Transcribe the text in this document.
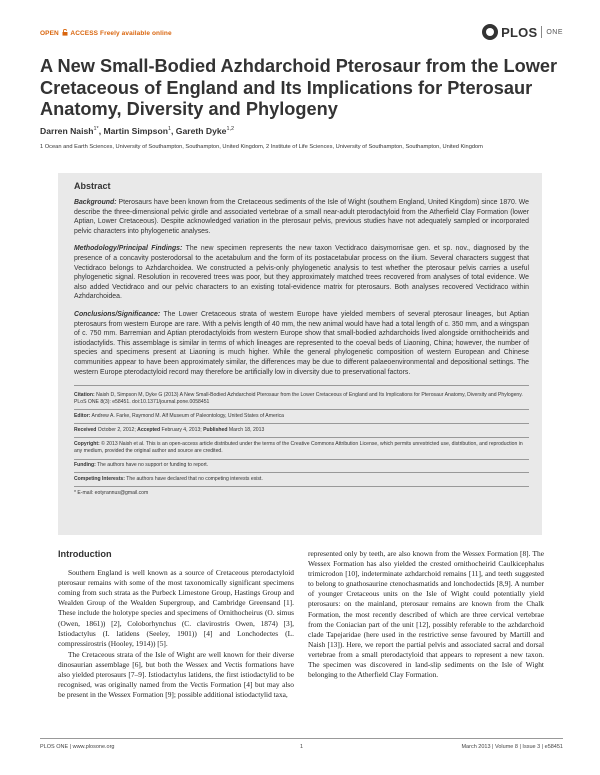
OPEN ACCESS Freely available online	PLOS ONE
A New Small-Bodied Azhdarchoid Pterosaur from the Lower Cretaceous of England and Its Implications for Pterosaur Anatomy, Diversity and Phylogeny
Darren Naish$^{1*}$, Martin Simpson$^1$, Gareth Dyke$^{1,2}$
1 Ocean and Earth Sciences, University of Southampton, Southampton, United Kingdom, 2 Institute of Life Sciences, University of Southampton, Southampton, United Kingdom
Abstract

Background: Pterosaurs have been known from the Cretaceous sediments of the Isle of Wight (southern England, United Kingdom) since 1870. We describe the three-dimensional pelvic girdle and associated vertebrae of a small near-adult pterodactyloid from the Atherfield Clay Formation (lower Aptian, Lower Cretaceous). Despite acknowledged variation in the pterosaur pelvis, previous studies have not adequately sampled or incorporated pelvic characters into phylogenetic analyses.

Methodology/Principal Findings: The new specimen represents the new taxon Vectidraco daisymorrisae gen. et sp. nov., diagnosed by the presence of a concavity posterodorsal to the acetabulum and the form of its postacetabular process on the ilium. Several characters suggest that Vectidraco belongs to Azhdarchoidea. We constructed a pelvis-only phylogenetic analysis to test whether the pterosaur pelvis carries a useful phylogenetic signal. Resolution in recovered trees was poor, but they approximately matched trees recovered from analyses of total evidence. We also added Vectidraco and our pelvic characters to an existing total-evidence matrix for pterosaurs. Both analyses recovered Vectidraco within Azhdarchoidea.

Conclusions/Significance: The Lower Cretaceous strata of western Europe have yielded members of several pterosaur lineages, but Aptian pterosaurs from western Europe are rare. With a pelvis length of 40 mm, the new animal would have had a total length of c. 350 mm, and a wingspan of c. 750 mm. Barremian and Aptian pterodactyloids from western Europe show that small-bodied azhdarchoids lived alongside ornithocheirids and istiodactylids. This assemblage is similar in terms of which lineages are represented to the coeval beds of Liaoning, China; however, the number of species and specimens present at Liaoning is much higher. While the general phylogenetic composition of western European and Chinese communities appear to have been approximately similar, the differences may be due to different palaeoenvironmental and depositional settings. The western Europe pterodactyloid record may therefore be artificially low in diversity due to preservational factors.

Citation: Naish D, Simpson M, Dyke G (2013) A New Small-Bodied Azhdarchoid Pterosaur from the Lower Cretaceous of England and Its Implications for Pterosaur Anatomy, Diversity and Phylogeny. PLoS ONE 8(3): e58451. doi:10.1371/journal.pone.0058451

Editor: Andrew A. Farke, Raymond M. Alf Museum of Paleontology, United States of America

Received October 2, 2012; Accepted February 4, 2013; Published March 18, 2013

Copyright: © 2013 Naish et al. This is an open-access article distributed under the terms of the Creative Commons Attribution License, which permits unrestricted use, distribution, and reproduction in any medium, provided the original author and source are credited.

Funding: The authors have no support or funding to report.

Competing Interests: The authors have declared that no competing interests exist.

* E-mail: eotyrannus@gmail.com

Introduction

Southern England is well known as a source of Cretaceous pterodactyloid pterosaur remains with some of the most taxonomically significant specimens coming from such strata as the Purbeck Limestone Group, Hastings Group and Wealden Group of the Wealden Supergroup, and Cambridge Greensand [1]. These include the holotype species and specimens of Ornithocheirus (O. simus (Owen, 1861)) [2], Coloborhynchus (C. clavirostris Owen, 1874) [3], Istiodactylus (I. latidens (Seeley, 1901)) [4] and Lonchodectes (L. compressirostris (Hooley, 1914)) [5].

The Cretaceous strata of the Isle of Wight are well known for their diverse dinosaurian assemblage [6], but both the Wessex and Vectis formations have also yielded pterosaurs [7–9]. Istiodactylus latidens, the first istiodactylid to be recognised, was originally named from the Vectis Formation [4] but may also be present in the Wessex Formation [9]; possible additional istiodactylid taxa,

represented only by teeth, are also known from the Wessex Formation [8]. The Wessex Formation has also yielded the crested ornithocheirid Caulkicephalus trimicrodon [10], indeterminate azhdarchoid remains [11], and teeth suggested to belong to gnathosaurine ctenochasmatids and lonchodectids [8,9]. A number of younger Cretaceous units on the Isle of Wight could potentially yield pterosaurs: on the mainland, pterosaur remains are known from the Chalk Formation, the most recently described of which are three cervical vertebrae from the Coniacian part of the unit [12], possibly referable to the azhdarchoid clade Tapejaridae (here used in the restrictive sense favoured by Martill and Naish [13]). Here, we report the partial pelvis and associated sacral and dorsal vertebrae from a small pterodactyloid that appears to represent a new taxon. The specimen was discovered in land-slip sediments on the Isle of Wight belonging to the Atherfield Clay Formation.

PLOS ONE | www.plosone.org	1	March 2013 | Volume 8 | Issue 3 | e58451
